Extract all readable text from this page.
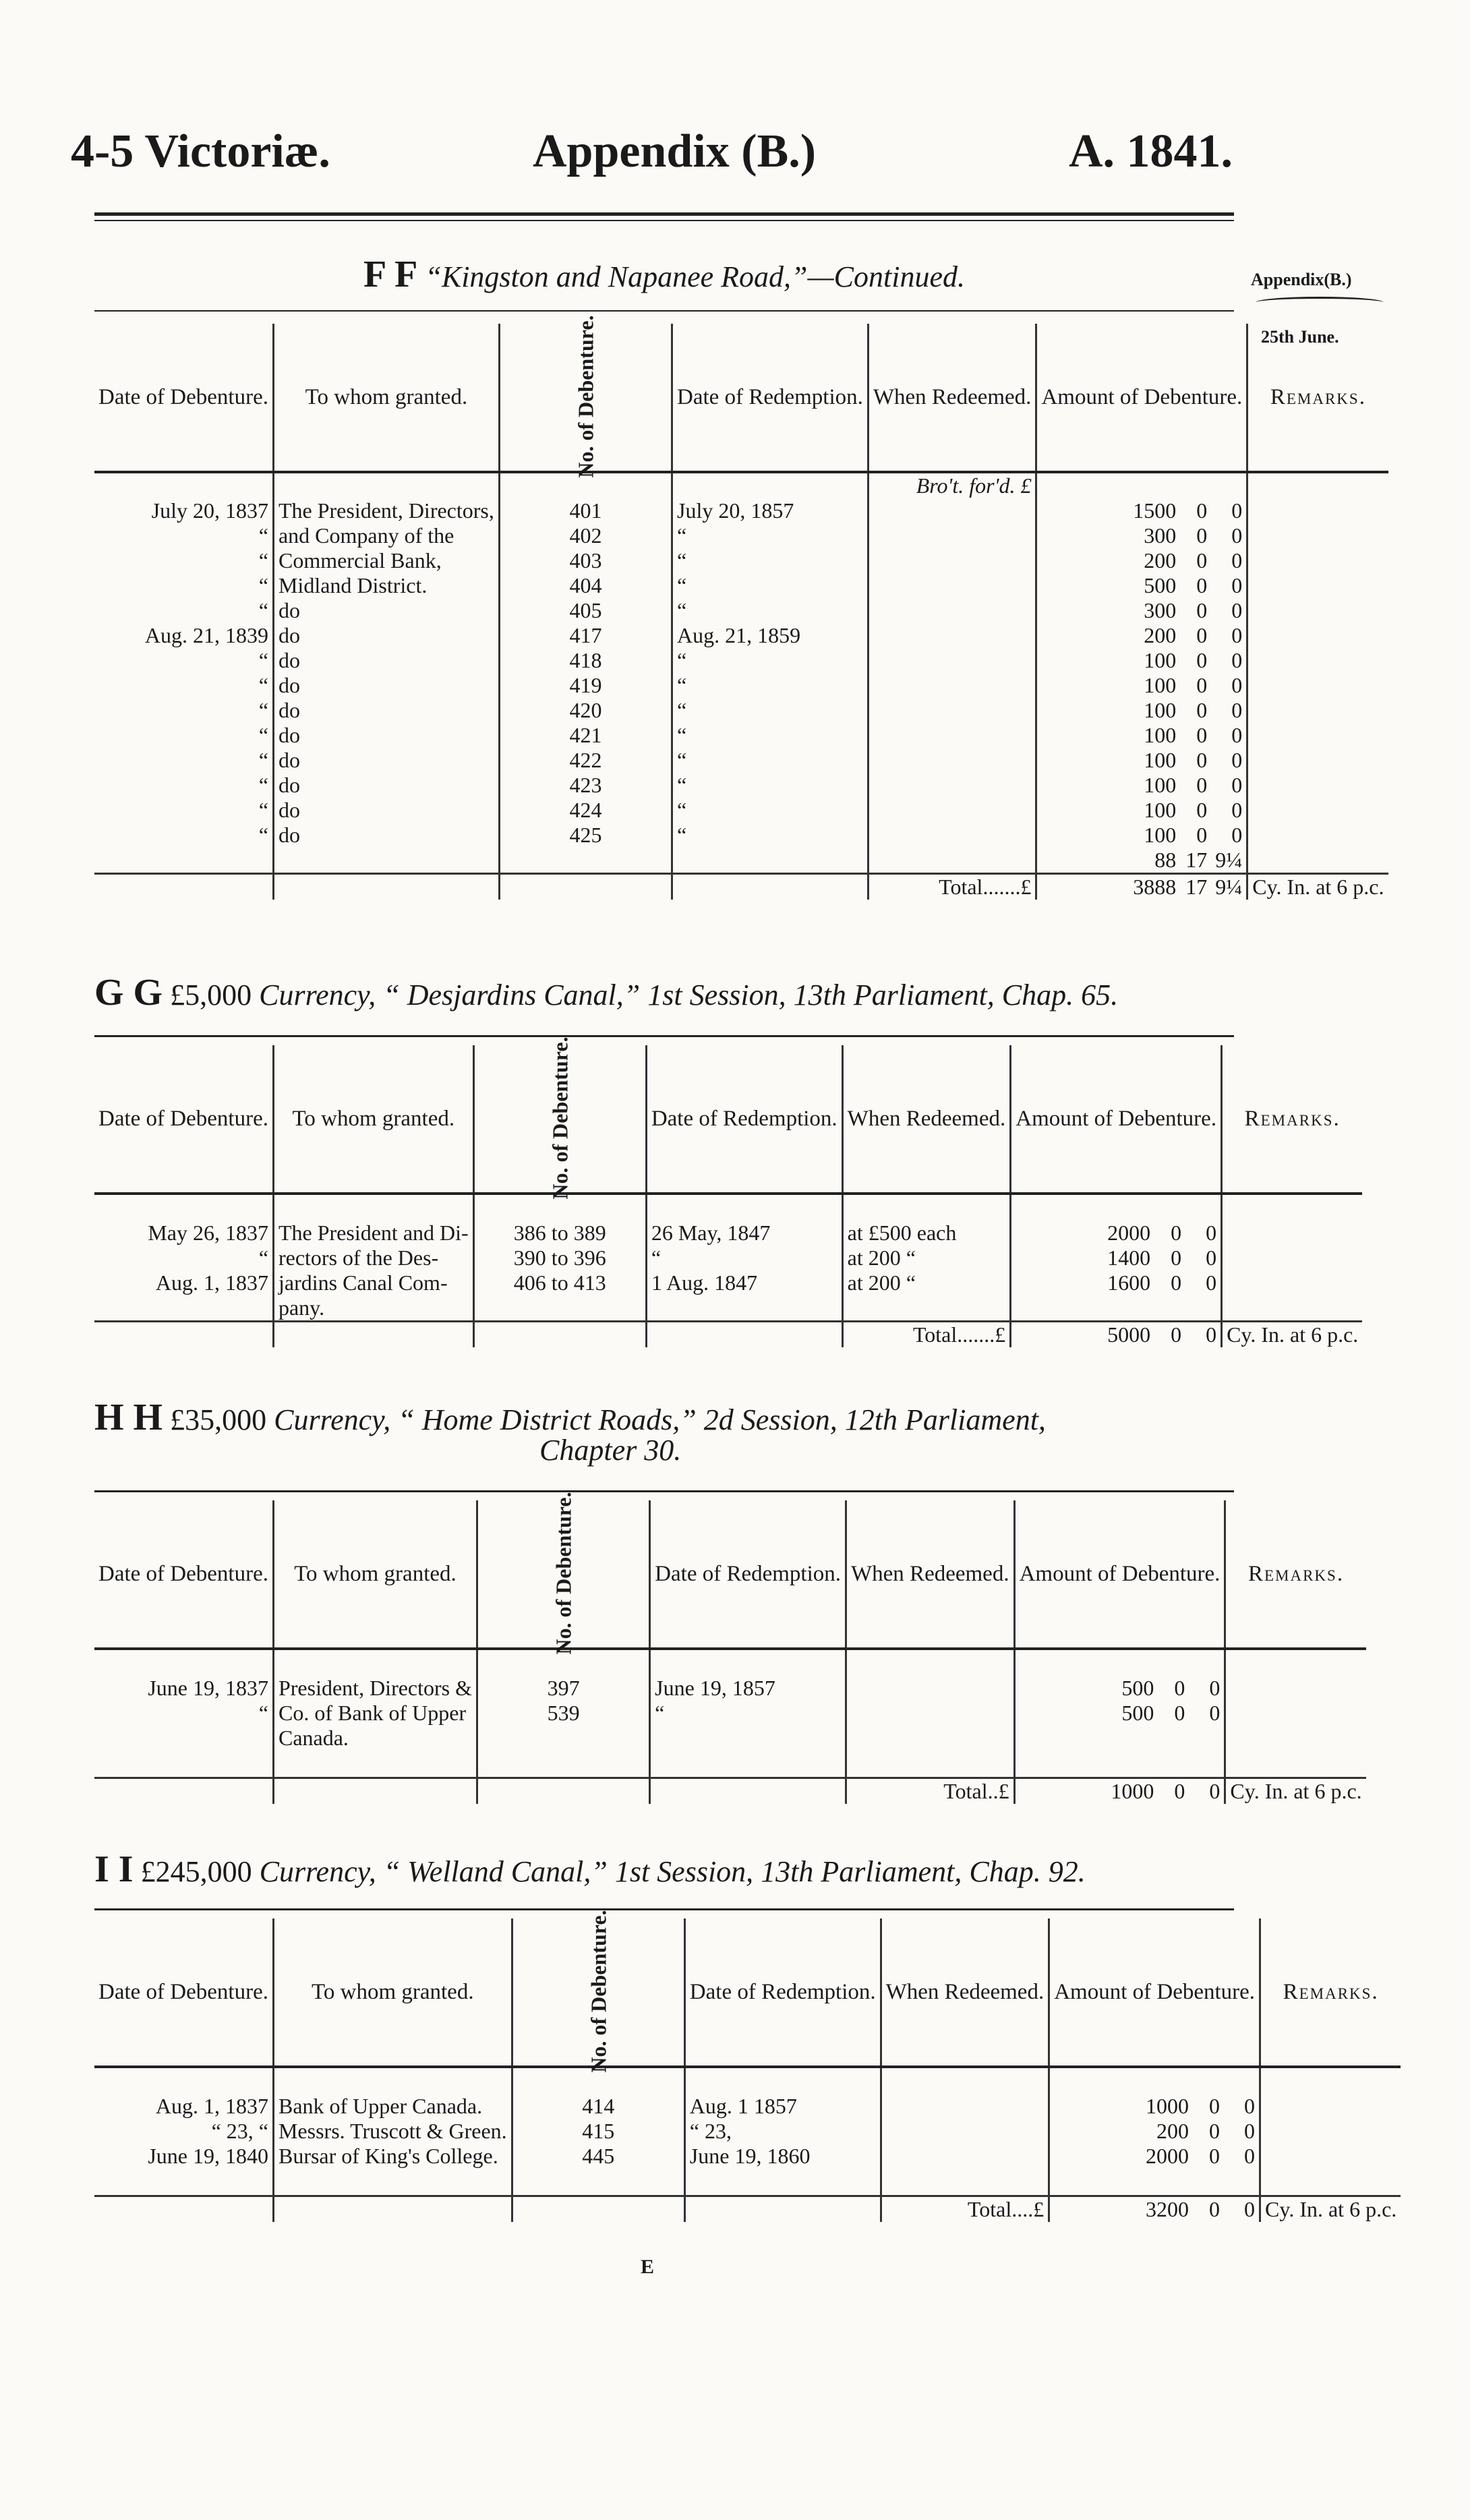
4-5 Victoriæ.	Appendix (B.)	A. 1841.
Appendix(B.)
25th June.
F F “Kingston and Napanee Road,”—Continued.
Date of Debenture.	To whom granted.	No. of Debenture.	Date of Redemption.	When Redeemed.	Amount of Debenture.	Remarks.
				Bro't. for'd. £		
July 20, 1837	The President, Directors,	401	July 20, 1857		1500 0 0	

“	and Company of the	402	“		300 0 0	

“	Commercial Bank,	403	“		200 0 0	

“	Midland District.	404	“		500 0 0	

“	do	405	“		300 0 0	

Aug. 21, 1839	do	417	Aug. 21, 1859		200 0 0	

“	do	418	“		100 0 0	

“	do	419	“		100 0 0	

“	do	420	“		100 0 0	

“	do	421	“		100 0 0	

“	do	422	“		100 0 0	

“	do	423	“		100 0 0	

“	do	424	“		100 0 0	

“	do	425	“		100 0 0	

					88 17 9¼	

				Total.......£	3888 17 9¼	Cy. In. at 6 p.c.
G G £5,000 Currency, “ Desjardins Canal,” 1st Session, 13th Parliament, Chap. 65.
Date of Debenture.	To whom granted.	No. of Debenture.	Date of Redemption.	When Redeemed.	Amount of Debenture.	Remarks.

May 26, 1837	The President and Di-	386 to 389	26 May, 1847	at £500 each	2000 0 0	

“	rectors of the Des-	390 to 396	“	at 200 “	1400 0 0	

Aug. 1, 1837	jardins Canal Com-	406 to 413	1 Aug. 1847	at 200 “	1600 0 0	

	pany.				

				Total.......£	5000 0 0	Cy. In. at 6 p.c.
H H £35,000 Currency, “ Home District Roads,” 2d Session, 12th Parliament,
Chapter 30.
Date of Debenture.	To whom granted.	No. of Debenture.	Date of Redemption.	When Redeemed.	Amount of Debenture.	Remarks.

June 19, 1837	President, Directors &	397	June 19, 1857		500 0 0	

“	Co. of Bank of Upper	539	“		500 0 0	

	Canada.				

				Total..£	1000 0 0	Cy. In. at 6 p.c.
I I £245,000 Currency, “ Welland Canal,” 1st Session, 13th Parliament, Chap. 92.
Date of Debenture.	To whom granted.	No. of Debenture.	Date of Redemption.	When Redeemed.	Amount of Debenture.	Remarks.

Aug. 1, 1837	Bank of Upper Canada.	414	Aug. 1 1857		1000 0 0	

“ 23, “	Messrs. Truscott & Green.	415	“ 23,		200 0 0	

June 19, 1840	Bursar of King's College.	445	June 19, 1860		2000 0 0	

				Total....£	3200 0 0	Cy. In. at 6 p.c.
E
